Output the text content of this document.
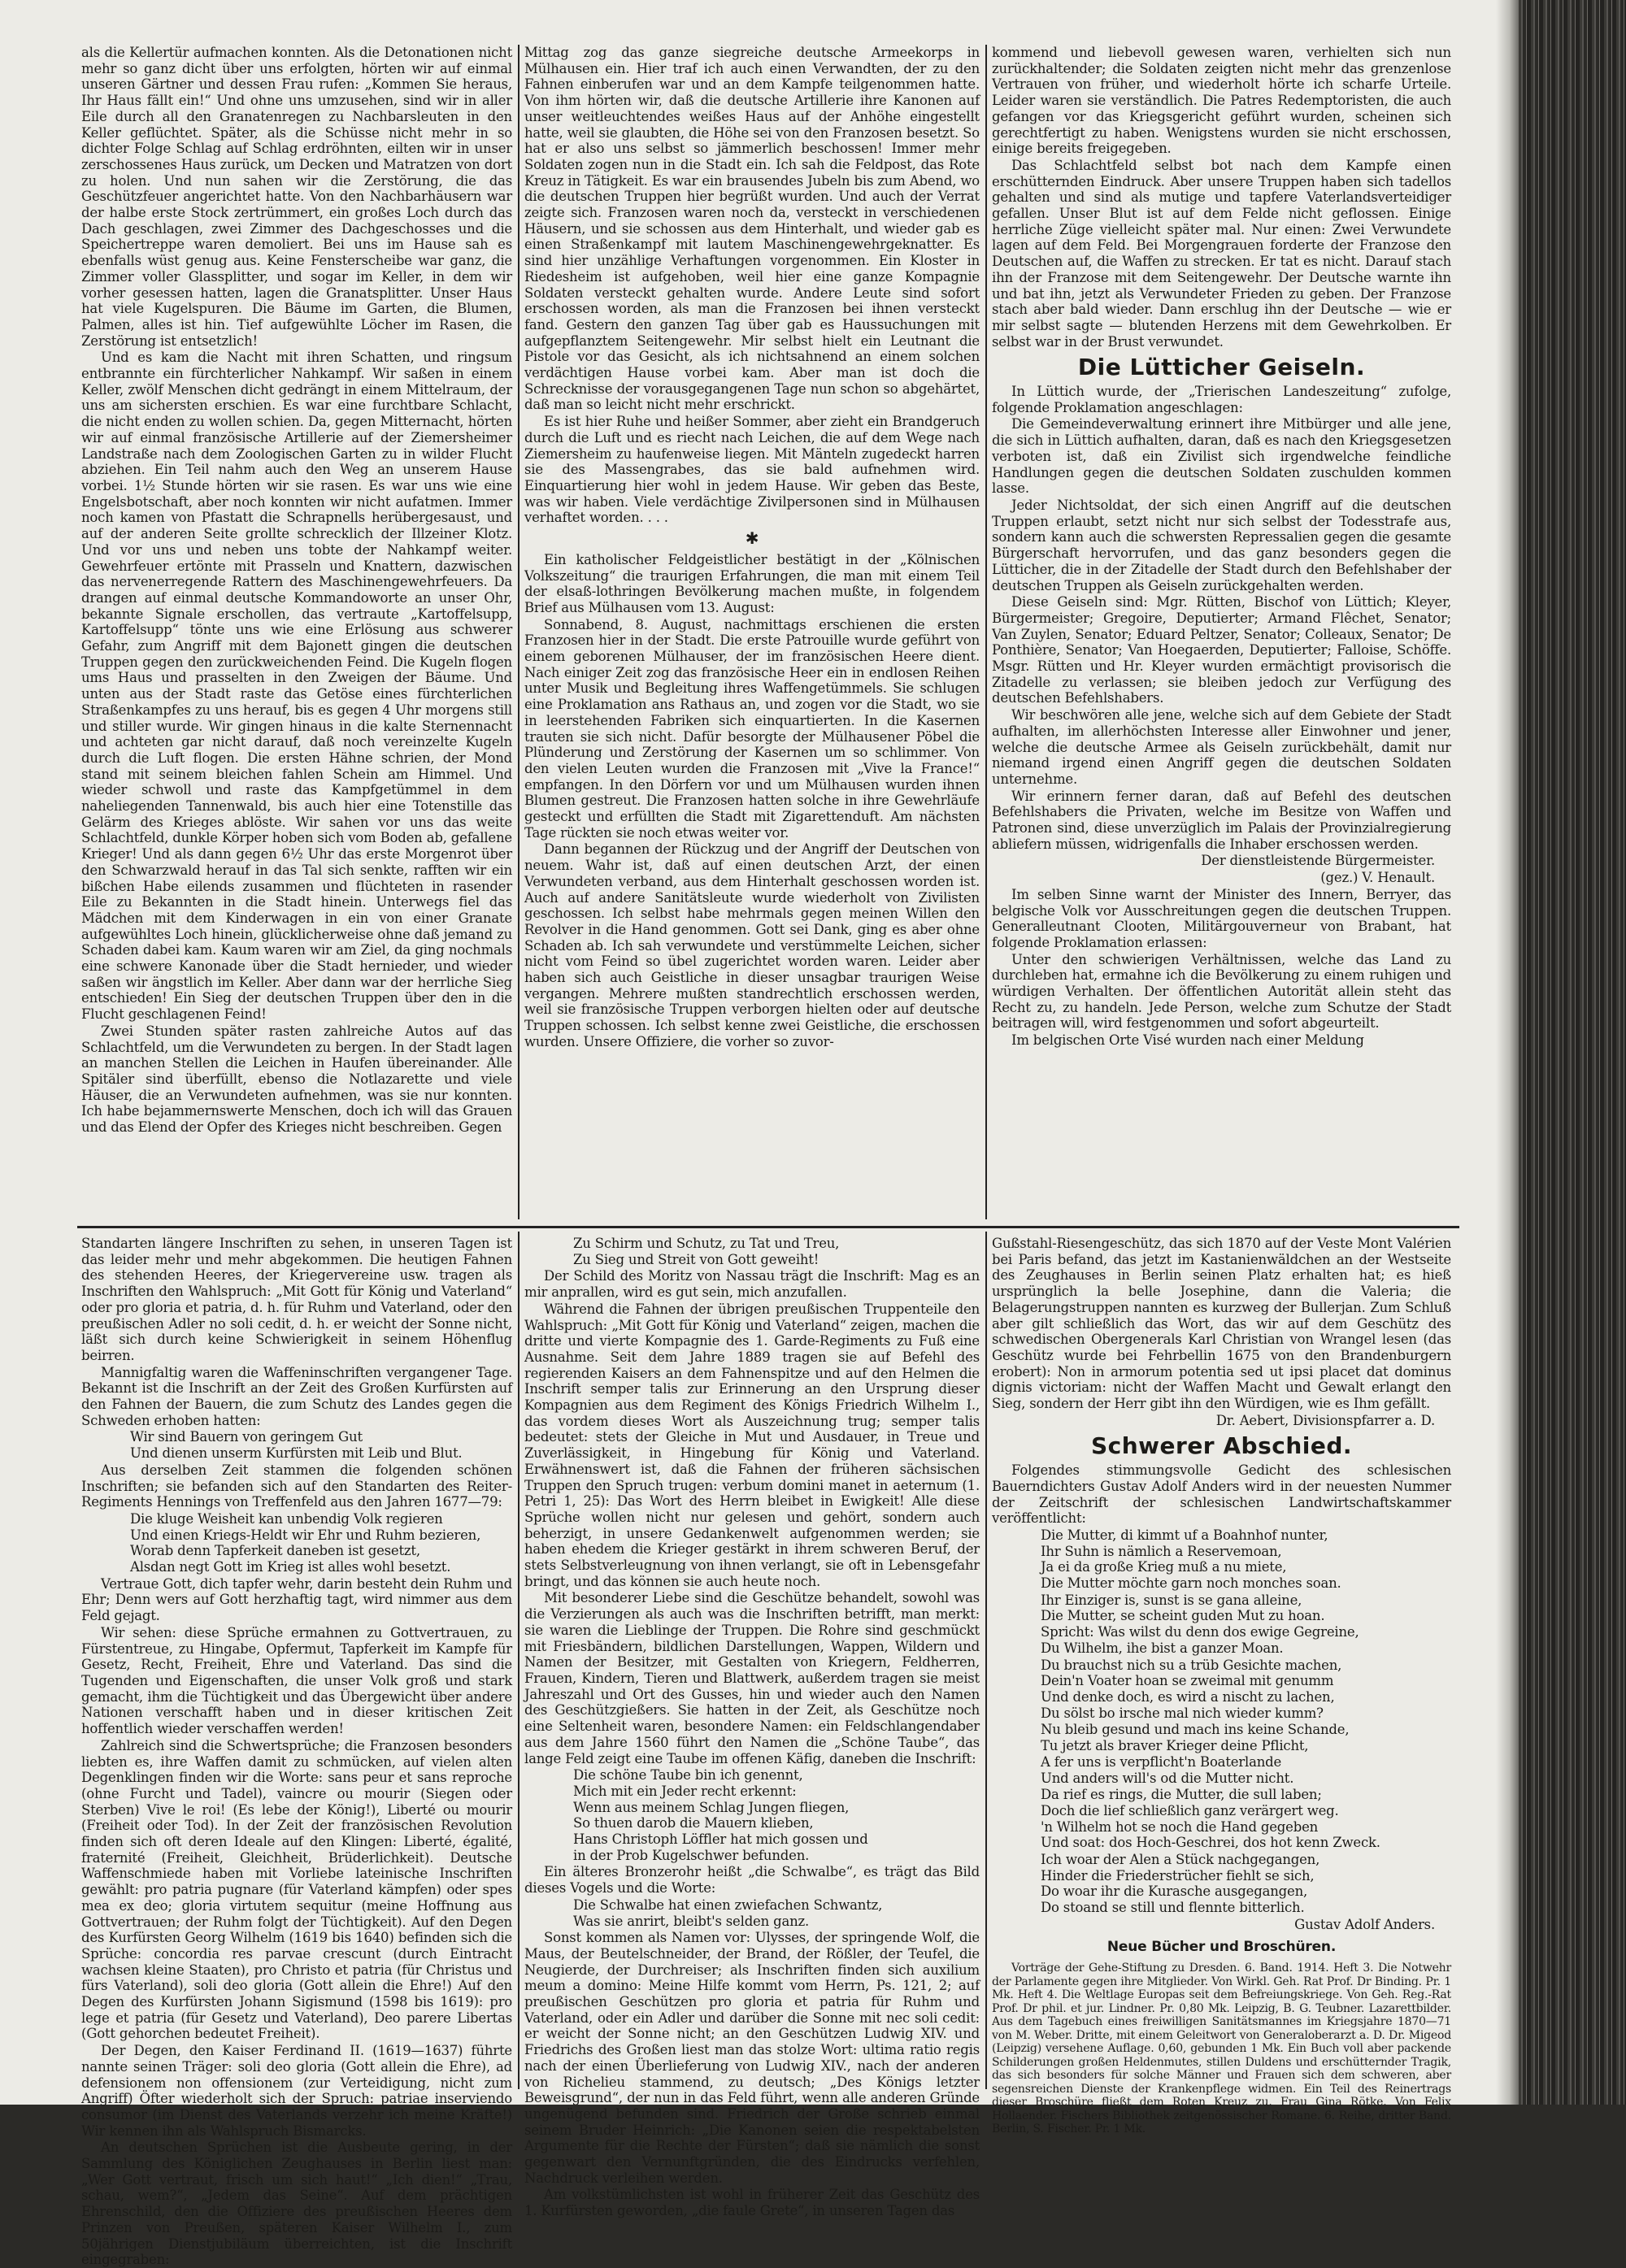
als die Kellertür aufmachen konnten. Als die Detonationen nicht mehr so ganz dicht über uns erfolgten, hörten wir auf einmal unseren Gärtner und dessen Frau rufen: „Kommen Sie heraus, Ihr Haus fällt ein!“ Und ohne uns umzusehen, sind wir in aller Eile durch all den Granatenregen zu Nachbarsleuten in den Keller geflüchtet. Später, als die Schüsse nicht mehr in so dichter Folge Schlag auf Schlag erdröhnten, eilten wir in unser zerschossenes Haus zurück, um Decken und Matratzen von dort zu holen. Und nun sahen wir die Zerstörung, die das Geschützfeuer angerichtet hatte. Von den Nachbarhäusern war der halbe erste Stock zertrümmert, ein großes Loch durch das Dach geschlagen, zwei Zimmer des Dachgeschosses und die Speichertreppe waren demoliert. Bei uns im Hause sah es ebenfalls wüst genug aus. Keine Fensterscheibe war ganz, die Zimmer voller Glassplitter, und sogar im Keller, in dem wir vorher gesessen hatten, lagen die Granatsplitter. Unser Haus hat viele Kugelspuren. Die Bäume im Garten, die Blumen, Palmen, alles ist hin. Tief aufgewühlte Löcher im Rasen, die Zerstörung ist entsetzlich!

Und es kam die Nacht mit ihren Schatten, und ringsum entbrannte ein fürchterlicher Nahkampf. Wir saßen in einem Keller, zwölf Menschen dicht gedrängt in einem Mittelraum, der uns am sichersten erschien. Es war eine furchtbare Schlacht, die nicht enden zu wollen schien. Da, gegen Mitternacht, hörten wir auf einmal französische Artillerie auf der Ziemersheimer Landstraße nach dem Zoologischen Garten zu in wilder Flucht abziehen. Ein Teil nahm auch den Weg an unserem Hause vorbei. 1½ Stunde hörten wir sie rasen. Es war uns wie eine Engelsbotschaft, aber noch konnten wir nicht aufatmen. Immer noch kamen von Pfastatt die Schrapnells herübergesaust, und auf der anderen Seite grollte schrecklich der Illzeiner Klotz. Und vor uns und neben uns tobte der Nahkampf weiter. Gewehrfeuer ertönte mit Prasseln und Knattern, dazwischen das nervenerregende Rattern des Maschinengewehrfeuers. Da drangen auf einmal deutsche Kommandoworte an unser Ohr, bekannte Signale erschollen, das vertraute „Kartoffelsupp, Kartoffelsupp“ tönte uns wie eine Erlösung aus schwerer Gefahr, zum Angriff mit dem Bajonett gingen die deutschen Truppen gegen den zurückweichenden Feind. Die Kugeln flogen ums Haus und prasselten in den Zweigen der Bäume. Und unten aus der Stadt raste das Getöse eines fürchterlichen Straßenkampfes zu uns herauf, bis es gegen 4 Uhr morgens still und stiller wurde. Wir gingen hinaus in die kalte Sternennacht und achteten gar nicht darauf, daß noch vereinzelte Kugeln durch die Luft flogen. Die ersten Hähne schrien, der Mond stand mit seinem bleichen fahlen Schein am Himmel. Und wieder schwoll und raste das Kampfgetümmel in dem naheliegenden Tannenwald, bis auch hier eine Totenstille das Gelärm des Krieges ablöste. Wir sahen vor uns das weite Schlachtfeld, dunkle Körper hoben sich vom Boden ab, gefallene Krieger! Und als dann gegen 6½ Uhr das erste Morgenrot über den Schwarzwald herauf in das Tal sich senkte, rafften wir ein bißchen Habe eilends zusammen und flüchteten in rasender Eile zu Bekannten in die Stadt hinein. Unterwegs fiel das Mädchen mit dem Kinderwagen in ein von einer Granate aufgewühltes Loch hinein, glücklicherweise ohne daß jemand zu Schaden dabei kam. Kaum waren wir am Ziel, da ging nochmals eine schwere Kanonade über die Stadt hernieder, und wieder saßen wir ängstlich im Keller. Aber dann war der herrliche Sieg entschieden! Ein Sieg der deutschen Truppen über den in die Flucht geschlagenen Feind!

Zwei Stunden später rasten zahlreiche Autos auf das Schlachtfeld, um die Verwundeten zu bergen. In der Stadt lagen an manchen Stellen die Leichen in Haufen übereinander. Alle Spitäler sind überfüllt, ebenso die Notlazarette und viele Häuser, die an Verwundeten aufnehmen, was sie nur konnten. Ich habe bejammernswerte Menschen, doch ich will das Grauen und das Elend der Opfer des Krieges nicht beschreiben. Gegen

Mittag zog das ganze siegreiche deutsche Armeekorps in Mülhausen ein. Hier traf ich auch einen Verwandten, der zu den Fahnen einberufen war und an dem Kampfe teilgenommen hatte. Von ihm hörten wir, daß die deutsche Artillerie ihre Kanonen auf unser weitleuchtendes weißes Haus auf der Anhöhe eingestellt hatte, weil sie glaubten, die Höhe sei von den Franzosen besetzt. So hat er also uns selbst so jämmerlich beschossen! Immer mehr Soldaten zogen nun in die Stadt ein. Ich sah die Feldpost, das Rote Kreuz in Tätigkeit. Es war ein brausendes Jubeln bis zum Abend, wo die deutschen Truppen hier begrüßt wurden. Und auch der Verrat zeigte sich. Franzosen waren noch da, versteckt in verschiedenen Häusern, und sie schossen aus dem Hinterhalt, und wieder gab es einen Straßenkampf mit lautem Maschinengewehrgeknatter. Es sind hier unzählige Verhaftungen vorgenommen. Ein Kloster in Riedesheim ist aufgehoben, weil hier eine ganze Kompagnie Soldaten versteckt gehalten wurde. Andere Leute sind sofort erschossen worden, als man die Franzosen bei ihnen versteckt fand. Gestern den ganzen Tag über gab es Haussuchungen mit aufgepflanztem Seitengewehr. Mir selbst hielt ein Leutnant die Pistole vor das Gesicht, als ich nichtsahnend an einem solchen verdächtigen Hause vorbei kam. Aber man ist doch die Schrecknisse der vorausgegangenen Tage nun schon so abgehärtet, daß man so leicht nicht mehr erschrickt.

Es ist hier Ruhe und heißer Sommer, aber zieht ein Brandgeruch durch die Luft und es riecht nach Leichen, die auf dem Wege nach Ziemersheim zu haufenweise liegen. Mit Mänteln zugedeckt harren sie des Massengrabes, das sie bald aufnehmen wird. Einquartierung hier wohl in jedem Hause. Wir geben das Beste, was wir haben. Viele verdächtige Zivilpersonen sind in Mülhausen verhaftet worden. . . .

✱

Ein katholischer Feldgeistlicher bestätigt in der „Kölnischen Volkszeitung“ die traurigen Erfahrungen, die man mit einem Teil der elsaß-lothringen Bevölkerung machen mußte, in folgendem Brief aus Mülhausen vom 13. August:

Sonnabend, 8. August, nachmittags erschienen die ersten Franzosen hier in der Stadt. Die erste Patrouille wurde geführt von einem geborenen Mülhauser, der im französischen Heere dient. Nach einiger Zeit zog das französische Heer ein in endlosen Reihen unter Musik und Begleitung ihres Waffengetümmels. Sie schlugen eine Proklamation ans Rathaus an, und zogen vor die Stadt, wo sie in leerstehenden Fabriken sich einquartierten. In die Kasernen trauten sie sich nicht. Dafür besorgte der Mülhausener Pöbel die Plünderung und Zerstörung der Kasernen um so schlimmer. Von den vielen Leuten wurden die Franzosen mit „Vive la France!“ empfangen. In den Dörfern vor und um Mülhausen wurden ihnen Blumen gestreut. Die Franzosen hatten solche in ihre Gewehrläufe gesteckt und erfüllten die Stadt mit Zigarettenduft. Am nächsten Tage rückten sie noch etwas weiter vor.

Dann begannen der Rückzug und der Angriff der Deutschen von neuem. Wahr ist, daß auf einen deutschen Arzt, der einen Verwundeten verband, aus dem Hinterhalt geschossen worden ist. Auch auf andere Sanitätsleute wurde wiederholt von Zivilisten geschossen. Ich selbst habe mehrmals gegen meinen Willen den Revolver in die Hand genommen. Gott sei Dank, ging es aber ohne Schaden ab. Ich sah verwundete und verstümmelte Leichen, sicher nicht vom Feind so übel zugerichtet worden waren. Leider aber haben sich auch Geistliche in dieser unsagbar traurigen Weise vergangen. Mehrere mußten standrechtlich erschossen werden, weil sie französische Truppen verborgen hielten oder auf deutsche Truppen schossen. Ich selbst kenne zwei Geistliche, die erschossen wurden. Unsere Offiziere, die vorher so zuvor-

kommend und liebevoll gewesen waren, verhielten sich nun zurückhaltender; die Soldaten zeigten nicht mehr das grenzenlose Vertrauen von früher, und wiederholt hörte ich scharfe Urteile. Leider waren sie verständlich. Die Patres Redemptoristen, die auch gefangen vor das Kriegsgericht geführt wurden, scheinen sich gerechtfertigt zu haben. Wenigstens wurden sie nicht erschossen, einige bereits freigegeben.

Das Schlachtfeld selbst bot nach dem Kampfe einen erschütternden Eindruck. Aber unsere Truppen haben sich tadellos gehalten und sind als mutige und tapfere Vaterlandsverteidiger gefallen. Unser Blut ist auf dem Felde nicht geflossen. Einige herrliche Züge vielleicht später mal. Nur einen: Zwei Verwundete lagen auf dem Feld. Bei Morgengrauen forderte der Franzose den Deutschen auf, die Waffen zu strecken. Er tat es nicht. Darauf stach ihn der Franzose mit dem Seitengewehr. Der Deutsche warnte ihn und bat ihn, jetzt als Verwundeter Frieden zu geben. Der Franzose stach aber bald wieder. Dann erschlug ihn der Deutsche — wie er mir selbst sagte — blutenden Herzens mit dem Gewehrkolben. Er selbst war in der Brust verwundet.

Die Lütticher Geiseln.

In Lüttich wurde, der „Trierischen Landeszeitung“ zufolge, folgende Proklamation angeschlagen:

Die Gemeindeverwaltung erinnert ihre Mitbürger und alle jene, die sich in Lüttich aufhalten, daran, daß es nach den Kriegsgesetzen verboten ist, daß ein Zivilist sich irgendwelche feindliche Handlungen gegen die deutschen Soldaten zuschulden kommen lasse.

Jeder Nichtsoldat, der sich einen Angriff auf die deutschen Truppen erlaubt, setzt nicht nur sich selbst der Todesstrafe aus, sondern kann auch die schwersten Repressalien gegen die gesamte Bürgerschaft hervorrufen, und das ganz besonders gegen die Lütticher, die in der Zitadelle der Stadt durch den Befehlshaber der deutschen Truppen als Geiseln zurückgehalten werden.

Diese Geiseln sind: Mgr. Rütten, Bischof von Lüttich; Kleyer, Bürgermeister; Gregoire, Deputierter; Armand Flêchet, Senator; Van Zuylen, Senator; Eduard Peltzer, Senator; Colleaux, Senator; De Ponthière, Senator; Van Hoegaerden, Deputierter; Falloise, Schöffe. Msgr. Rütten und Hr. Kleyer wurden ermächtigt provisorisch die Zitadelle zu verlassen; sie bleiben jedoch zur Verfügung des deutschen Befehlshabers.

Wir beschwören alle jene, welche sich auf dem Gebiete der Stadt aufhalten, im allerhöchsten Interesse aller Einwohner und jener, welche die deutsche Armee als Geiseln zurückbehält, damit nur niemand irgend einen Angriff gegen die deutschen Soldaten unternehme.

Wir erinnern ferner daran, daß auf Befehl des deutschen Befehlshabers die Privaten, welche im Besitze von Waffen und Patronen sind, diese unverzüglich im Palais der Provinzialregierung abliefern müssen, widrigenfalls die Inhaber erschossen werden.

Der dienstleistende Bürgermeister.

(gez.) V. Henault.

Im selben Sinne warnt der Minister des Innern, Berryer, das belgische Volk vor Ausschreitungen gegen die deutschen Truppen. Generalleutnant Clooten, Militärgouverneur von Brabant, hat folgende Proklamation erlassen:

Unter den schwierigen Verhältnissen, welche das Land zu durchleben hat, ermahne ich die Bevölkerung zu einem ruhigen und würdigen Verhalten. Der öffentlichen Autorität allein steht das Recht zu, zu handeln. Jede Person, welche zum Schutze der Stadt beitragen will, wird festgenommen und sofort abgeurteilt.

Im belgischen Orte Visé wurden nach einer Meldung

Standarten längere Inschriften zu sehen, in unseren Tagen ist das leider mehr und mehr abgekommen. Die heutigen Fahnen des stehenden Heeres, der Kriegervereine usw. tragen als Inschriften den Wahlspruch: „Mit Gott für König und Vaterland“ oder pro gloria et patria, d. h. für Ruhm und Vaterland, oder den preußischen Adler no soli cedit, d. h. er weicht der Sonne nicht, läßt sich durch keine Schwierigkeit in seinem Höhenflug beirren.

Mannigfaltig waren die Waffeninschriften vergangener Tage. Bekannt ist die Inschrift an der Zeit des Großen Kurfürsten auf den Fahnen der Bauern, die zum Schutz des Landes gegen die Schweden erhoben hatten:

Wir sind Bauern von geringem Gut
Und dienen unserm Kurfürsten mit Leib und Blut.

Aus derselben Zeit stammen die folgenden schönen Inschriften; sie befanden sich auf den Standarten des Reiter-Regiments Hennings von Treffenfeld aus den Jahren 1677—79:

Die kluge Weisheit kan unbendig Volk regieren
Und einen Kriegs-Heldt wir Ehr und Ruhm bezieren,
Worab denn Tapferkeit daneben ist gesetzt,
Alsdan negt Gott im Krieg ist alles wohl besetzt.

Vertraue Gott, dich tapfer wehr, darin besteht dein Ruhm und Ehr; Denn wers auf Gott herzhaftig tagt, wird nimmer aus dem Feld gejagt.

Wir sehen: diese Sprüche ermahnen zu Gottvertrauen, zu Fürstentreue, zu Hingabe, Opfermut, Tapferkeit im Kampfe für Gesetz, Recht, Freiheit, Ehre und Vaterland. Das sind die Tugenden und Eigenschaften, die unser Volk groß und stark gemacht, ihm die Tüchtigkeit und das Übergewicht über andere Nationen verschafft haben und in dieser kritischen Zeit hoffentlich wieder verschaffen werden!

Zahlreich sind die Schwertsprüche; die Franzosen besonders liebten es, ihre Waffen damit zu schmücken, auf vielen alten Degenklingen finden wir die Worte: sans peur et sans reproche (ohne Furcht und Tadel), vaincre ou mourir (Siegen oder Sterben) Vive le roi! (Es lebe der König!), Liberté ou mourir (Freiheit oder Tod). In der Zeit der französischen Revolution finden sich oft deren Ideale auf den Klingen: Liberté, égalité, fraternité (Freiheit, Gleichheit, Brüderlichkeit). Deutsche Waffenschmiede haben mit Vorliebe lateinische Inschriften gewählt: pro patria pugnare (für Vaterland kämpfen) oder spes mea ex deo; gloria virtutem sequitur (meine Hoffnung aus Gottvertrauen; der Ruhm folgt der Tüchtigkeit). Auf den Degen des Kurfürsten Georg Wilhelm (1619 bis 1640) befinden sich die Sprüche: concordia res parvae crescunt (durch Eintracht wachsen kleine Staaten), pro Christo et patria (für Christus und fürs Vaterland), soli deo gloria (Gott allein die Ehre!) Auf den Degen des Kurfürsten Johann Sigismund (1598 bis 1619): pro lege et patria (für Gesetz und Vaterland), Deo parere Libertas (Gott gehorchen bedeutet Freiheit).

Der Degen, den Kaiser Ferdinand II. (1619—1637) führte nannte seinen Träger: soli deo gloria (Gott allein die Ehre), ad defensionem non offensionem (zur Verteidigung, nicht zum Angriff) Öfter wiederholt sich der Spruch: patriae inserviendo consumor (im Dienst des Vaterlands verzehr ich meine Kräfte!) Wir kennen ihn als Wahlspruch Bismarcks.

An deutschen Sprüchen ist die Ausbeute gering, in der Sammlung des Königlichen Zeughauses in Berlin liest man: „Wer Gott vertraut, frisch um sich haut!“ „Ich dien!“ „Trau, schau, wem?“, „Jedem das Seine“. Auf dem prächtigen Ehrenschild, den die Offiziere des preußischen Heeres dem Prinzen von Preußen, späteren Kaiser Wilhelm I., zum 50jährigen Dienstjubiläum überreichten, ist die Inschrift eingegraben:

Zu Schirm und Schutz, zu Tat und Treu,
Zu Sieg und Streit von Gott geweiht!

Der Schild des Moritz von Nassau trägt die Inschrift: Mag es an mir anprallen, wird es gut sein, mich anzufallen.

Während die Fahnen der übrigen preußischen Truppenteile den Wahlspruch: „Mit Gott für König und Vaterland“ zeigen, machen die dritte und vierte Kompagnie des 1. Garde-Regiments zu Fuß eine Ausnahme. Seit dem Jahre 1889 tragen sie auf Befehl des regierenden Kaisers an dem Fahnenspitze und auf den Helmen die Inschrift semper talis zur Erinnerung an den Ursprung dieser Kompagnien aus dem Regiment des Königs Friedrich Wilhelm I., das vordem dieses Wort als Auszeichnung trug; semper talis bedeutet: stets der Gleiche in Mut und Ausdauer, in Treue und Zuverlässigkeit, in Hingebung für König und Vaterland. Erwähnenswert ist, daß die Fahnen der früheren sächsischen Truppen den Spruch trugen: verbum domini manet in aeternum (1. Petri 1, 25): Das Wort des Herrn bleibet in Ewigkeit! Alle diese Sprüche wollen nicht nur gelesen und gehört, sondern auch beherzigt, in unsere Gedankenwelt aufgenommen werden; sie haben ehedem die Krieger gestärkt in ihrem schweren Beruf, der stets Selbstverleugnung von ihnen verlangt, sie oft in Lebensgefahr bringt, und das können sie auch heute noch.

Mit besonderer Liebe sind die Geschütze behandelt, sowohl was die Verzierungen als auch was die Inschriften betrifft, man merkt: sie waren die Lieblinge der Truppen. Die Rohre sind geschmückt mit Friesbändern, bildlichen Darstellungen, Wappen, Wildern und Namen der Besitzer, mit Gestalten von Kriegern, Feldherren, Frauen, Kindern, Tieren und Blattwerk, außerdem tragen sie meist Jahreszahl und Ort des Gusses, hin und wieder auch den Namen des Geschützgießers. Sie hatten in der Zeit, als Geschütze noch eine Seltenheit waren, besondere Namen: ein Feldschlangendaber aus dem Jahre 1560 führt den Namen die „Schöne Taube“, das lange Feld zeigt eine Taube im offenen Käfig, daneben die Inschrift:

Die schöne Taube bin ich genennt,
Mich mit ein Jeder recht erkennt:
Wenn aus meinem Schlag Jungen fliegen,
So thuen darob die Mauern klieben,
Hans Christoph Löffler hat mich gossen und
in der Prob Kugelschwer befunden.

Ein älteres Bronzerohr heißt „die Schwalbe“, es trägt das Bild dieses Vogels und die Worte:

Die Schwalbe hat einen zwiefachen Schwantz,
Was sie anrirt, bleibt's selden ganz.

Sonst kommen als Namen vor: Ulysses, der springende Wolf, die Maus, der Beutelschneider, der Brand, der Rößler, der Teufel, die Neugierde, der Durchreiser; als Inschriften finden sich auxilium meum a domino: Meine Hilfe kommt vom Herrn, Ps. 121, 2; auf preußischen Geschützen pro gloria et patria für Ruhm und Vaterland, oder ein Adler und darüber die Sonne mit nec soli cedit: er weicht der Sonne nicht; an den Geschützen Ludwig XIV. und Friedrichs des Großen liest man das stolze Wort: ultima ratio regis nach der einen Überlieferung von Ludwig XIV., nach der anderen von Richelieu stammend, zu deutsch; „Des Königs letzter Beweisgrund“, der nun in das Feld führt, wenn alle anderen Gründe ungenügend befunden sind. Friedrich der Große schrieb einmal seinem Bruder Heinrich: „Die Kanonen seien die respektabelsten Argumente für die Rechte der Fürsten“; daß sie nämlich die sonst gegenwart den Vernunftgründen, die des Eindrucks verfehlen, Nachdruck verleihen werden.

Am volkstümlichsten ist wohl in früherer Zeit das Geschütz des 1. Kurfürsten geworden, „die faule Grete“, in unseren Tagen das

Gußstahl-Riesengeschütz, das sich 1870 auf der Veste Mont Valérien bei Paris befand, das jetzt im Kastanienwäldchen an der Westseite des Zeughauses in Berlin seinen Platz erhalten hat; es hieß ursprünglich la belle Josephine, dann die Valeria; die Belagerungstruppen nannten es kurzweg der Bullerjan. Zum Schluß aber gilt schließlich das Wort, das wir auf dem Geschütz des schwedischen Obergenerals Karl Christian von Wrangel lesen (das Geschütz wurde bei Fehrbellin 1675 von den Brandenburgern erobert): Non in armorum potentia sed ut ipsi placet dat dominus dignis victoriam: nicht der Waffen Macht und Gewalt erlangt den Sieg, sondern der Herr gibt ihn den Würdigen, wie es Ihm gefällt.

Dr. Aebert, Divisionspfarrer a. D.

Schwerer Abschied.

Folgendes stimmungsvolle Gedicht des schlesischen Bauerndichters Gustav Adolf Anders wird in der neuesten Nummer der Zeitschrift der schlesischen Landwirtschaftskammer veröffentlicht:

Die Mutter, di kimmt uf a Boahnhof nunter,
Ihr Suhn is nämlich a Reservemoan,
Ja ei da große Krieg muß a nu miete,
Die Mutter möchte garn noch monches soan.

Ihr Einziger is, sunst is se gana alleine,
Die Mutter, se scheint guden Mut zu hoan.
Spricht: Was wilst du denn dos ewige Gegreine,
Du Wilhelm, ihe bist a ganzer Moan.

Du brauchst nich su a trüb Gesichte machen,
Dein'n Voater hoan se zweimal mit genumm
Und denke doch, es wird a nischt zu lachen,
Du sölst bo irsche mal nich wieder kumm?

Nu bleib gesund und mach ins keine Schande,
Tu jetzt als braver Krieger deine Pflicht,
A fer uns is verpflicht'n Boaterlande
Und anders will's od die Mutter nicht.

Da rief es rings, die Mutter, die sull laben;
Doch die lief schließlich ganz verärgert weg.
'n Wilhelm hot se noch die Hand gegeben
Und soat: dos Hoch-Geschrei, dos hot kenn Zweck.

Ich woar der Alen a Stück nachgegangen,
Hinder die Friederstrücher fiehlt se sich,
Do woar ihr die Kurasche ausgegangen,
Do stoand se still und flennte bitterlich.

Gustav Adolf Anders.

Neue Bücher und Broschüren.

Vorträge der Gehe-Stiftung zu Dresden. 6. Band. 1914. Heft 3. Die Notwehr der Parlamente gegen ihre Mitglieder. Von Wirkl. Geh. Rat Prof. Dr Binding. Pr. 1 Mk. Heft 4. Die Weltlage Europas seit dem Befreiungskriege. Von Geh. Reg.-Rat Prof. Dr phil. et jur. Lindner. Pr. 0,80 Mk. Leipzig, B. G. Teubner. Lazarettbilder. Aus dem Tagebuch eines freiwilligen Sanitätsmannes im Kriegsjahre 1870—71 von M. Weber. Dritte, mit einem Geleitwort von Generaloberarzt a. D. Dr. Migeod (Leipzig) versehene Auflage. 0,60, gebunden 1 Mk. Ein Buch voll aber packende Schilderungen großen Heldenmutes, stillen Duldens und erschütternder Tragik, das sich besonders für solche Männer und Frauen sich dem schweren, aber segensreichen Dienste der Krankenpflege widmen. Ein Teil des Reinertrags dieser Broschüre fließt dem Roten Kreuz zu. Frau Gina Rötke. Von Felix Hollaender. Fischers Bibliothek zeitgenössischer Romane. 6. Reihe, dritter Band. Berlin, S. Fischer. Pr. 1 Mk.
